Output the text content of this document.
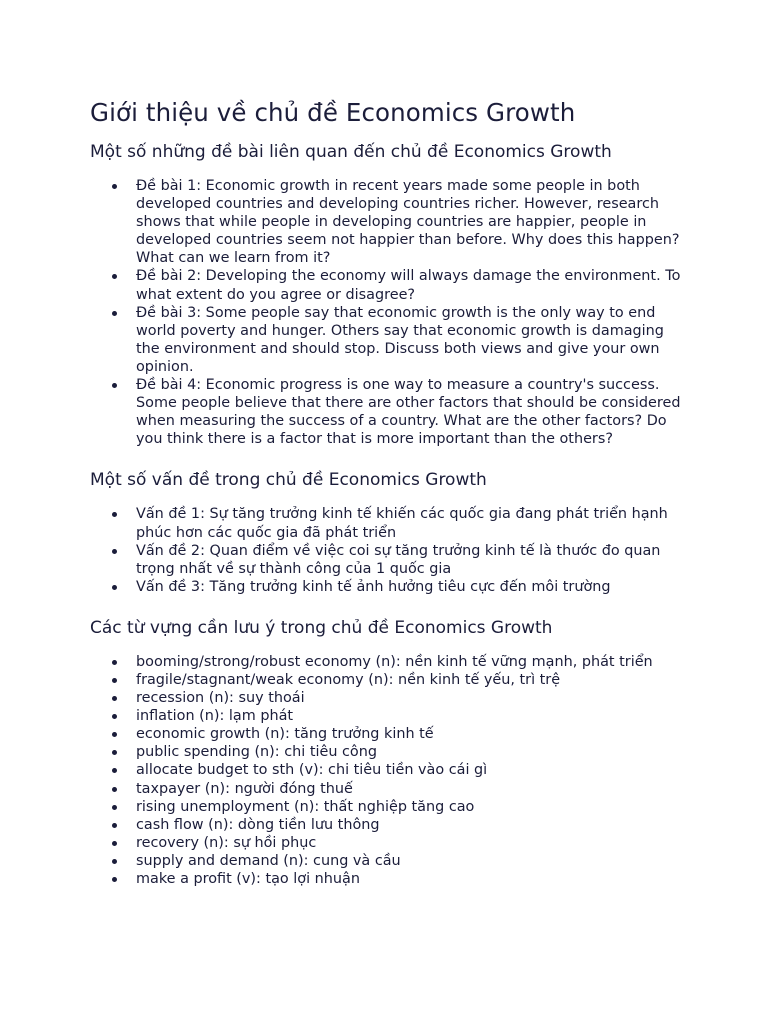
Giới thiệu về chủ đề Economics Growth
Một số những đề bài liên quan đến chủ đề Economics Growth
Đề bài 1: Economic growth in recent years made some people in both developed countries and developing countries richer. However, research shows that while people in developing countries are happier, people in developed countries seem not happier than before. Why does this happen? What can we learn from it?
Đề bài 2: Developing the economy will always damage the environment. To what extent do you agree or disagree?
Đề bài 3: Some people say that economic growth is the only way to end world poverty and hunger. Others say that economic growth is damaging the environment and should stop. Discuss both views and give your own opinion.
Đề bài 4: Economic progress is one way to measure a country's success. Some people believe that there are other factors that should be considered when measuring the success of a country. What are the other factors? Do you think there is a factor that is more important than the others?
Một số vấn đề trong chủ đề Economics Growth
Vấn đề 1: Sự tăng trưởng kinh tế khiến các quốc gia đang phát triển hạnh phúc hơn các quốc gia đã phát triển
Vấn đề 2: Quan điểm về việc coi sự tăng trưởng kinh tế là thước đo quan trọng nhất về sự thành công của 1 quốc gia
Vấn đề 3: Tăng trưởng kinh tế ảnh hưởng tiêu cực đến môi trường
Các từ vựng cần lưu ý trong chủ đề Economics Growth
booming/strong/robust economy (n): nền kinh tế vững mạnh, phát triển
fragile/stagnant/weak economy (n): nền kinh tế yếu, trì trệ
recession (n): suy thoái
inflation (n): lạm phát
economic growth (n): tăng trưởng kinh tế
public spending (n): chi tiêu công
allocate budget to sth (v): chi tiêu tiền vào cái gì
taxpayer (n): người đóng thuế
rising unemployment (n): thất nghiệp tăng cao
cash flow (n): dòng tiền lưu thông
recovery (n): sự hồi phục
supply and demand (n): cung và cầu
make a profit (v): tạo lợi nhuận
